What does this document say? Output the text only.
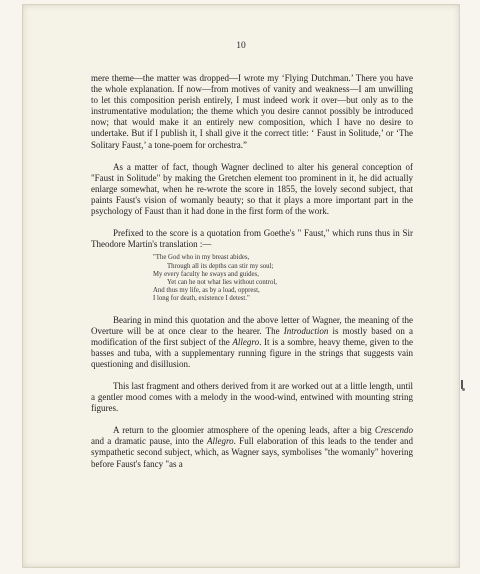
10

mere theme—the matter was dropped—I wrote my ‘Flying Dutchman.’ There you have the whole explanation. If now—from motives of vanity and weakness—I am unwilling to let this composition perish entirely, I must indeed work it over—but only as to the instrumentative modulation; the theme which you desire cannot possibly be introduced now; that would make it an entirely new composition, which I have no desire to undertake. But if I publish it, I shall give it the correct title: ‘ Faust in Solitude,’ or ‘The Solitary Faust,’ a tone-poem for orchestra.”

As a matter of fact, though Wagner declined to alter his general conception of "Faust in Solitude" by making the Gretchen element too prominent in it, he did actually enlarge somewhat, when he re-wrote the score in 1855, the lovely second subject, that paints Faust's vision of womanly beauty; so that it plays a more important part in the psychology of Faust than it had done in the first form of the work.

Prefixed to the score is a quotation from Goethe's " Faust," which runs thus in Sir Theodore Martin's translation :—

"The God who in my breast abides,
Through all its depths can stir my soul;
My every faculty he sways and guides,
Yet can he not what lies without control,
And thus my life, as by a load, opprest,
I long for death, existence I detest."

Bearing in mind this quotation and the above letter of Wagner, the meaning of the Overture will be at once clear to the hearer. The Introduction is mostly based on a modification of the first subject of the Allegro. It is a sombre, heavy theme, given to the basses and tuba, with a supplementary running figure in the strings that suggests vain questioning and disillusion.

This last fragment and others derived from it are worked out at a little length, until a gentler mood comes with a melody in the wood-wind, entwined with mounting string figures.

A return to the gloomier atmosphere of the opening leads, after a big Crescendo and a dramatic pause, into the Allegro. Full elaboration of this leads to the tender and sympathetic second subject, which, as Wagner says, symbolises "the womanly" hovering before Faust's fancy "as a
